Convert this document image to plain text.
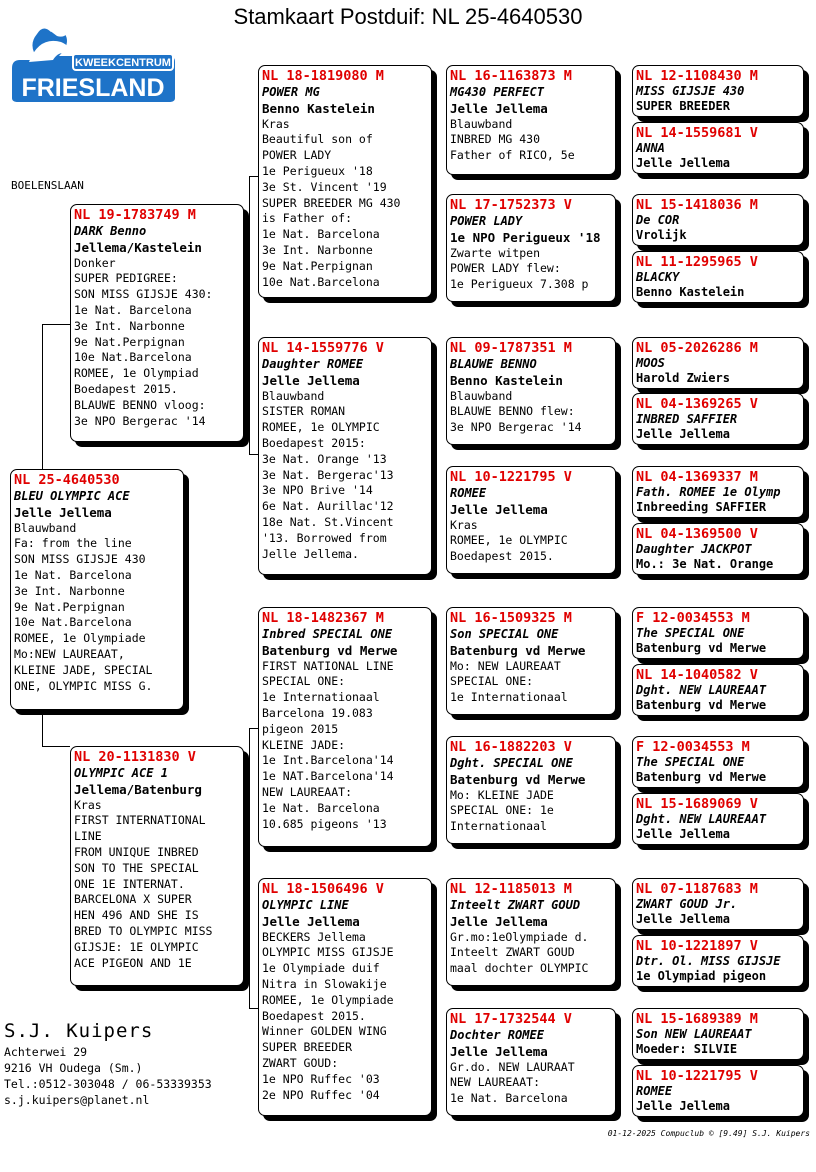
Stamkaart Postduif: NL 25-4640530
KWEEKCENTRUM
FRIESLAND
BOELENSLAAN
NL 25-4640530
BLEU OLYMPIC ACE
Jelle Jellema
Blauwband
Fa: from the line
SON MISS GIJSJE 430
1e Nat. Barcelona
3e Int. Narbonne
9e Nat.Perpignan
10e Nat.Barcelona
ROMEE, 1e Olympiade
Mo:NEW LAUREAAT,
KLEINE JADE, SPECIAL
ONE, OLYMPIC MISS G.
NL 19-1783749 M
DARK Benno
Jellema/Kastelein
Donker
SUPER PEDIGREE:
SON MISS GIJSJE 430:
1e Nat. Barcelona
3e Int. Narbonne
9e Nat.Perpignan
10e Nat.Barcelona
ROMEE, 1e Olympiad
Boedapest 2015.
BLAUWE BENNO vloog:
3e NPO Bergerac '14
NL 20-1131830 V
OLYMPIC ACE 1
Jellema/Batenburg
Kras
FIRST INTERNATIONAL
LINE
FROM UNIQUE INBRED
SON TO THE SPECIAL
ONE 1E INTERNAT.
BARCELONA X SUPER
HEN 496 AND SHE IS
BRED TO OLYMPIC MISS
GIJSJE: 1E OLYMPIC
ACE PIGEON AND 1E
NL 18-1819080 M
POWER MG
Benno Kastelein
Kras
Beautiful son of
POWER LADY
1e Perigueux '18
3e St. Vincent '19
SUPER BREEDER MG 430
is Father of:
1e Nat. Barcelona
3e Int. Narbonne
9e Nat.Perpignan
10e Nat.Barcelona
NL 14-1559776 V
Daughter ROMEE
Jelle Jellema
Blauwband
SISTER ROMAN
ROMEE, 1e OLYMPIC
Boedapest 2015:
3e Nat. Orange '13
3e Nat. Bergerac'13
3e NPO Brive '14
6e Nat. Aurillac'12
18e Nat. St.Vincent
'13. Borrowed from
Jelle Jellema.
NL 18-1482367 M
Inbred SPECIAL ONE
Batenburg vd Merwe
FIRST NATIONAL LINE
SPECIAL ONE:
1e Internationaal
Barcelona 19.083
pigeon 2015
KLEINE JADE:
1e Int.Barcelona'14
1e NAT.Barcelona'14
NEW LAUREAAT:
1e Nat. Barcelona
10.685 pigeons '13
NL 18-1506496 V
OLYMPIC LINE
Jelle Jellema
BECKERS Jellema
OLYMPIC MISS GIJSJE
1e Olympiade duif
Nitra in Slowakije
ROMEE, 1e Olympiade
Boedapest 2015.
Winner GOLDEN WING
SUPER BREEDER
ZWART GOUD:
1e NPO Ruffec '03
2e NPO Ruffec '04
NL 16-1163873 M
MG430 PERFECT
Jelle Jellema
Blauwband
INBRED MG 430
Father of RICO, 5e
NL 17-1752373 V
POWER LADY
1e NPO Perigueux '18
Zwarte witpen
POWER LADY flew:
1e Perigueux 7.308 p
NL 09-1787351 M
BLAUWE BENNO
Benno Kastelein
Blauwband
BLAUWE BENNO flew:
3e NPO Bergerac '14
NL 10-1221795 V
ROMEE
Jelle Jellema
Kras
ROMEE, 1e OLYMPIC
Boedapest 2015.
NL 16-1509325 M
Son SPECIAL ONE
Batenburg vd Merwe
Mo: NEW LAUREAAT
SPECIAL ONE:
1e Internationaal
NL 16-1882203 V
Dght. SPECIAL ONE
Batenburg vd Merwe
Mo: KLEINE JADE
SPECIAL ONE: 1e
Internationaal
NL 12-1185013 M
Inteelt ZWART GOUD
Jelle Jellema
Gr.mo:1eOlympiade d.
Inteelt ZWART GOUD
maal dochter OLYMPIC
NL 17-1732544 V
Dochter ROMEE
Jelle Jellema
Gr.do. NEW LAURAAT
NEW LAUREAAT:
1e Nat. Barcelona
NL 12-1108430 M
MISS GIJSJE 430
SUPER BREEDER
NL 14-1559681 V
ANNA
Jelle Jellema
NL 15-1418036 M
De COR
Vrolijk
NL 11-1295965 V
BLACKY
Benno Kastelein
NL 05-2026286 M
MOOS
Harold Zwiers
NL 04-1369265 V
INBRED SAFFIER
Jelle Jellema
NL 04-1369337 M
Fath. ROMEE 1e Olymp
Inbreeding SAFFIER
NL 04-1369500 V
Daughter JACKPOT
Mo.: 3e Nat. Orange
F 12-0034553 M
The SPECIAL ONE
Batenburg vd Merwe
NL 14-1040582 V
Dght. NEW LAUREAAT
Batenburg vd Merwe
F 12-0034553 M
The SPECIAL ONE
Batenburg vd Merwe
NL 15-1689069 V
Dght. NEW LAUREAAT
Jelle Jellema
NL 07-1187683 M
ZWART GOUD Jr.
Jelle Jellema
NL 10-1221897 V
Dtr. Ol. MISS GIJSJE
1e Olympiad pigeon
NL 15-1689389 M
Son NEW LAUREAAT
Moeder: SILVIE
NL 10-1221795 V
ROMEE
Jelle Jellema
S.J. Kuipers
Achterwei 29
9216 VH Oudega (Sm.)
Tel.:0512-303048 / 06-53339353
s.j.kuipers@planet.nl
01-12-2025 Compuclub © [9.49] S.J. Kuipers
